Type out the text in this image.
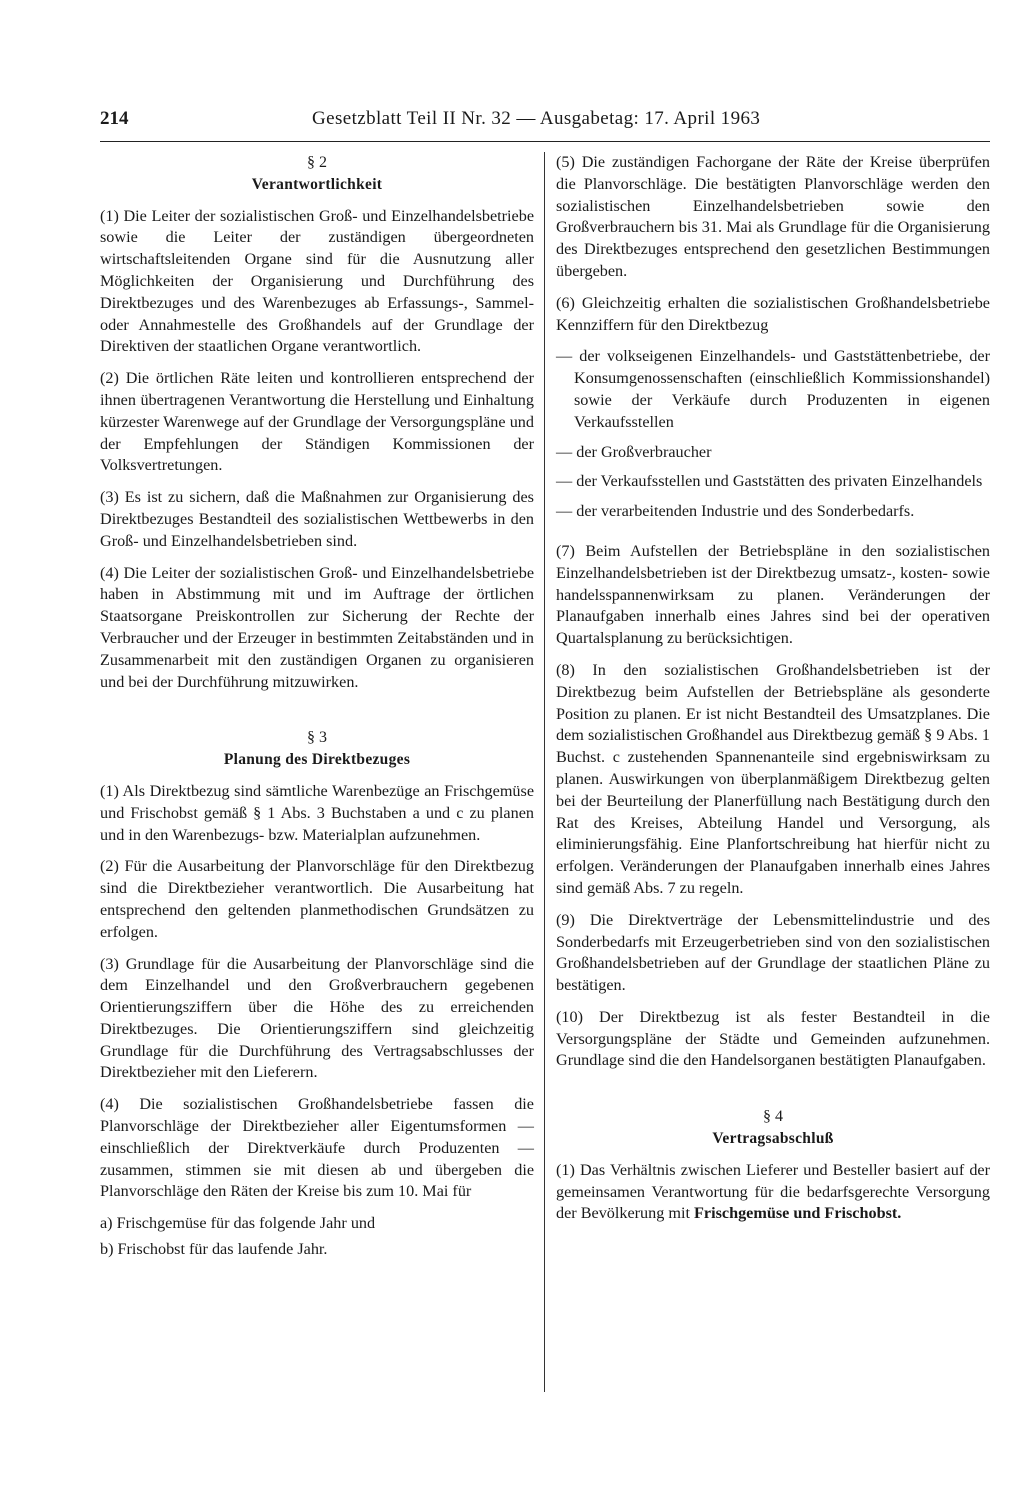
214	Gesetzblatt Teil II Nr. 32 — Ausgabetag: 17. April 1963
§ 2
Verantwortlichkeit

(1) Die Leiter der sozialistischen Groß- und Einzelhandelsbetriebe sowie die Leiter der zuständigen übergeordneten wirtschaftsleitenden Organe sind für die Ausnutzung aller Möglichkeiten der Organisierung und Durchführung des Direktbezuges und des Warenbezuges ab Erfassungs-, Sammel- oder Annahmestelle des Großhandels auf der Grundlage der Direktiven der staatlichen Organe verantwortlich.

(2) Die örtlichen Räte leiten und kontrollieren entsprechend der ihnen übertragenen Verantwortung die Herstellung und Einhaltung kürzester Warenwege auf der Grundlage der Versorgungspläne und der Empfehlungen der Ständigen Kommissionen der Volksvertretungen.

(3) Es ist zu sichern, daß die Maßnahmen zur Organisierung des Direktbezuges Bestandteil des sozialistischen Wettbewerbs in den Groß- und Einzelhandelsbetrieben sind.

(4) Die Leiter der sozialistischen Groß- und Einzelhandelsbetriebe haben in Abstimmung mit und im Auftrage der örtlichen Staatsorgane Preiskontrollen zur Sicherung der Rechte der Verbraucher und der Erzeuger in bestimmten Zeitabständen und in Zusammenarbeit mit den zuständigen Organen zu organisieren und bei der Durchführung mitzuwirken.

§ 3
Planung des Direktbezuges

(1) Als Direktbezug sind sämtliche Warenbezüge an Frischgemüse und Frischobst gemäß § 1 Abs. 3 Buchstaben a und c zu planen und in den Warenbezugs- bzw. Materialplan aufzunehmen.

(2) Für die Ausarbeitung der Planvorschläge für den Direktbezug sind die Direktbezieher verantwortlich. Die Ausarbeitung hat entsprechend den geltenden planmethodischen Grundsätzen zu erfolgen.

(3) Grundlage für die Ausarbeitung der Planvorschläge sind die dem Einzelhandel und den Großverbrauchern gegebenen Orientierungsziffern über die Höhe des zu erreichenden Direktbezuges. Die Orientierungsziffern sind gleichzeitig Grundlage für die Durchführung des Vertragsabschlusses der Direktbezieher mit den Lieferern.

(4) Die sozialistischen Großhandelsbetriebe fassen die Planvorschläge der Direktbezieher aller Eigentumsformen — einschließlich der Direktverkäufe durch Produzenten — zusammen, stimmen sie mit diesen ab und übergeben die Planvorschläge den Räten der Kreise bis zum 10. Mai für

a) Frischgemüse für das folgende Jahr und
b) Frischobst für das laufende Jahr.

(5) Die zuständigen Fachorgane der Räte der Kreise überprüfen die Planvorschläge. Die bestätigten Planvorschläge werden den sozialistischen Einzelhandelsbetrieben sowie den Großverbrauchern bis 31. Mai als Grundlage für die Organisierung des Direktbezuges entsprechend den gesetzlichen Bestimmungen übergeben.

(6) Gleichzeitig erhalten die sozialistischen Großhandelsbetriebe Kennziffern für den Direktbezug

— der volkseigenen Einzelhandels- und Gaststättenbetriebe, der Konsumgenossenschaften (einschließlich Kommissionshandel) sowie der Verkäufe durch Produzenten in eigenen Verkaufsstellen
— der Großverbraucher
— der Verkaufsstellen und Gaststätten des privaten Einzelhandels
— der verarbeitenden Industrie und des Sonderbedarfs.

(7) Beim Aufstellen der Betriebspläne in den sozialistischen Einzelhandelsbetrieben ist der Direktbezug umsatz-, kosten- sowie handelsspannenwirksam zu planen. Veränderungen der Planaufgaben innerhalb eines Jahres sind bei der operativen Quartalsplanung zu berücksichtigen.

(8) In den sozialistischen Großhandelsbetrieben ist der Direktbezug beim Aufstellen der Betriebspläne als gesonderte Position zu planen. Er ist nicht Bestandteil des Umsatzplanes. Die dem sozialistischen Großhandel aus Direktbezug gemäß § 9 Abs. 1 Buchst. c zustehenden Spannenanteile sind ergebniswirksam zu planen. Auswirkungen von überplanmäßigem Direktbezug gelten bei der Beurteilung der Planerfüllung nach Bestätigung durch den Rat des Kreises, Abteilung Handel und Versorgung, als eliminierungsfähig. Eine Planfortschreibung hat hierfür nicht zu erfolgen. Veränderungen der Planaufgaben innerhalb eines Jahres sind gemäß Abs. 7 zu regeln.

(9) Die Direktverträge der Lebensmittelindustrie und des Sonderbedarfs mit Erzeugerbetrieben sind von den sozialistischen Großhandelsbetrieben auf der Grundlage der staatlichen Pläne zu bestätigen.

(10) Der Direktbezug ist als fester Bestandteil in die Versorgungspläne der Städte und Gemeinden aufzunehmen. Grundlage sind die den Handelsorganen bestätigten Planaufgaben.

§ 4
Vertragsabschluß

(1) Das Verhältnis zwischen Lieferer und Besteller basiert auf der gemeinsamen Verantwortung für die bedarfsgerechte Versorgung der Bevölkerung mit Frischgemüse und Frischobst.
